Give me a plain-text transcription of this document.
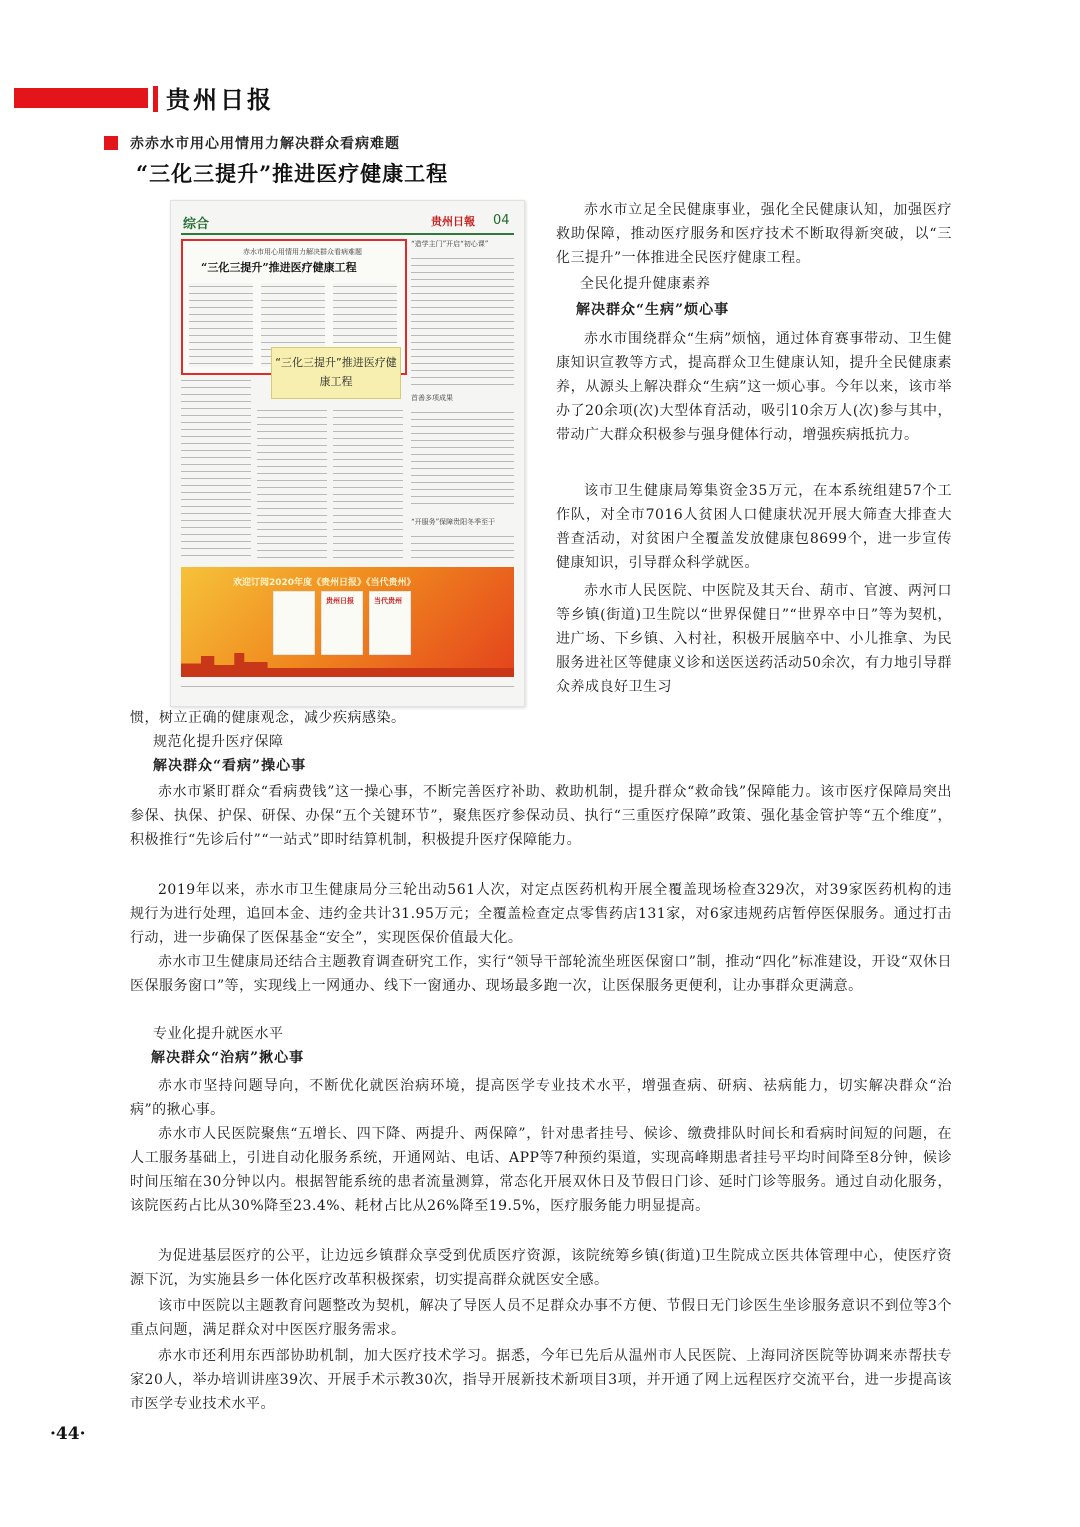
贵州日报
赤赤水市用心用情用力解决群众看病难题
“三化三提升”推进医疗健康工程
综合	贵州日報 04
赤水市用心用情用力解决群众看病难题
“三化三提升”推进医疗健康工程
“造学主门”开启“初心课”
首善多项成果
“开服务”保障贵阳冬季至于
“三化三提升”推进医疗健
康工程
欢迎订阅2020年度《贵州日报》《当代贵州》
贵州日报	当代贵州
赤水市立足全民健康事业，强化全民健康认知，加强医疗救助保障，推动医疗服务和医疗技术不断取得新突破，以“三化三提升”一体推进全民医疗健康工程。
全民化提升健康素养
解决群众“生病”烦心事
赤水市围绕群众“生病”烦恼，通过体育赛事带动、卫生健康知识宣教等方式，提高群众卫生健康认知，提升全民健康素养，从源头上解决群众“生病”这一烦心事。今年以来，该市举办了20余项(次)大型体育活动，吸引10余万人(次)参与其中，带动广大群众积极参与强身健体行动，增强疾病抵抗力。
该市卫生健康局筹集资金35万元，在本系统组建57个工作队，对全市7016人贫困人口健康状况开展大筛查大排查大普查活动，对贫困户全覆盖发放健康包8699个，进一步宣传健康知识，引导群众科学就医。
赤水市人民医院、中医院及其天台、葫市、官渡、两河口等乡镇(街道)卫生院以“世界保健日”“世界卒中日”等为契机，进广场、下乡镇、入村社，积极开展脑卒中、小儿推拿、为民服务进社区等健康义诊和送医送药活动50余次，有力地引导群众养成良好卫生习
惯，树立正确的健康观念，减少疾病感染。
规范化提升医疗保障
解决群众“看病”操心事
赤水市紧盯群众“看病费钱”这一操心事，不断完善医疗补助、救助机制，提升群众“救命钱”保障能力。该市医疗保障局突出参保、执保、护保、研保、办保“五个关键环节”，聚焦医疗参保动员、执行“三重医疗保障”政策、强化基金管护等“五个维度”，积极推行“先诊后付”“一站式”即时结算机制，积极提升医疗保障能力。
2019年以来，赤水市卫生健康局分三轮出动561人次，对定点医药机构开展全覆盖现场检查329次，对39家医药机构的违规行为进行处理，追回本金、违约金共计31.95万元；全覆盖检查定点零售药店131家，对6家违规药店暂停医保服务。通过打击行动，进一步确保了医保基金“安全”，实现医保价值最大化。
赤水市卫生健康局还结合主题教育调查研究工作，实行“领导干部轮流坐班医保窗口”制，推动“四化”标准建设，开设“双休日医保服务窗口”等，实现线上一网通办、线下一窗通办、现场最多跑一次，让医保服务更便利，让办事群众更满意。
专业化提升就医水平
解决群众“治病”揪心事
赤水市坚持问题导向，不断优化就医治病环境，提高医学专业技术水平，增强查病、研病、祛病能力，切实解决群众“治病”的揪心事。
赤水市人民医院聚焦“五增长、四下降、两提升、两保障”，针对患者挂号、候诊、缴费排队时间长和看病时间短的问题，在人工服务基础上，引进自动化服务系统，开通网站、电话、APP等7种预约渠道，实现高峰期患者挂号平均时间降至8分钟，候诊时间压缩在30分钟以内。根据智能系统的患者流量测算，常态化开展双休日及节假日门诊、延时门诊等服务。通过自动化服务，该院医药占比从30%降至23.4%、耗材占比从26%降至19.5%，医疗服务能力明显提高。
为促进基层医疗的公平，让边远乡镇群众享受到优质医疗资源，该院统筹乡镇(街道)卫生院成立医共体管理中心，使医疗资源下沉，为实施县乡一体化医疗改革积极探索，切实提高群众就医安全感。
该市中医院以主题教育问题整改为契机，解决了导医人员不足群众办事不方便、节假日无门诊医生坐诊服务意识不到位等3个重点问题，满足群众对中医医疗服务需求。
赤水市还利用东西部协助机制，加大医疗技术学习。据悉，今年已先后从温州市人民医院、上海同济医院等协调来赤帮扶专家20人，举办培训讲座39次、开展手术示教30次，指导开展新技术新项目3项，并开通了网上远程医疗交流平台，进一步提高该市医学专业技术水平。
·44·
